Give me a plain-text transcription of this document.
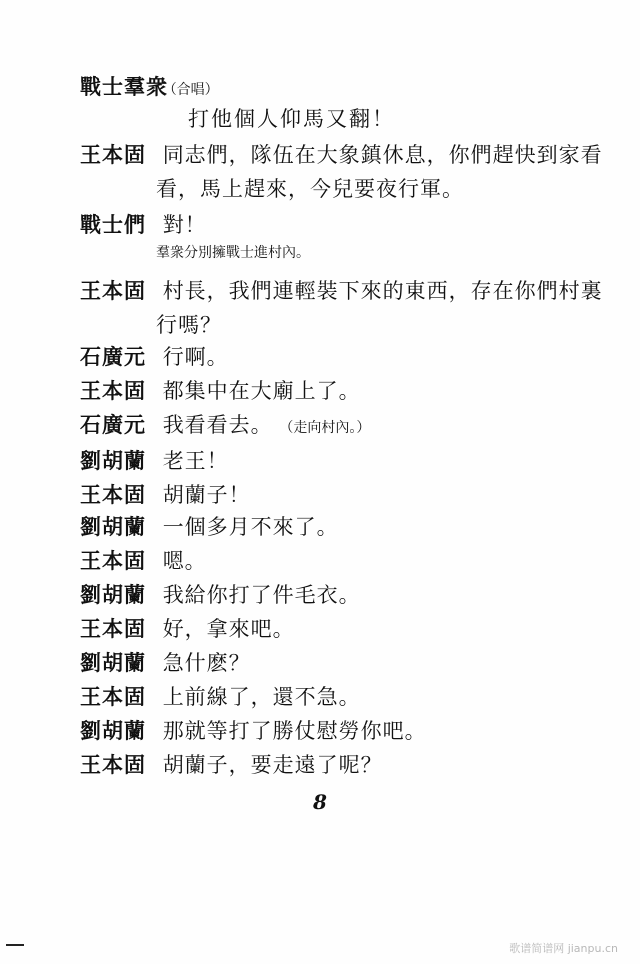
戰士羣衆 （合唱）
打他個人仰馬又翻！
王本固 同志們，隊伍在大象鎮休息，你們趕快到家看
看，馬上趕來，今兒要夜行軍。
戰士們 對！
羣衆分別擁戰士進村內。
王本固 村長，我們連輕裝下來的東西，存在你們村裏
行嗎？
石廣元 行啊。
王本固 都集中在大廟上了。
石廣元 我看看去。 （走向村內。）
劉胡蘭 老王！
王本固 胡蘭子！
劉胡蘭 一個多月不來了。
王本固 嗯。
劉胡蘭 我給你打了件毛衣。
王本固 好，拿來吧。
劉胡蘭 急什麽？
王本固 上前線了，還不急。
劉胡蘭 那就等打了勝仗慰勞你吧。
王本固 胡蘭子，要走遠了呢？
8
歌谱简谱网 jianpu.cn
